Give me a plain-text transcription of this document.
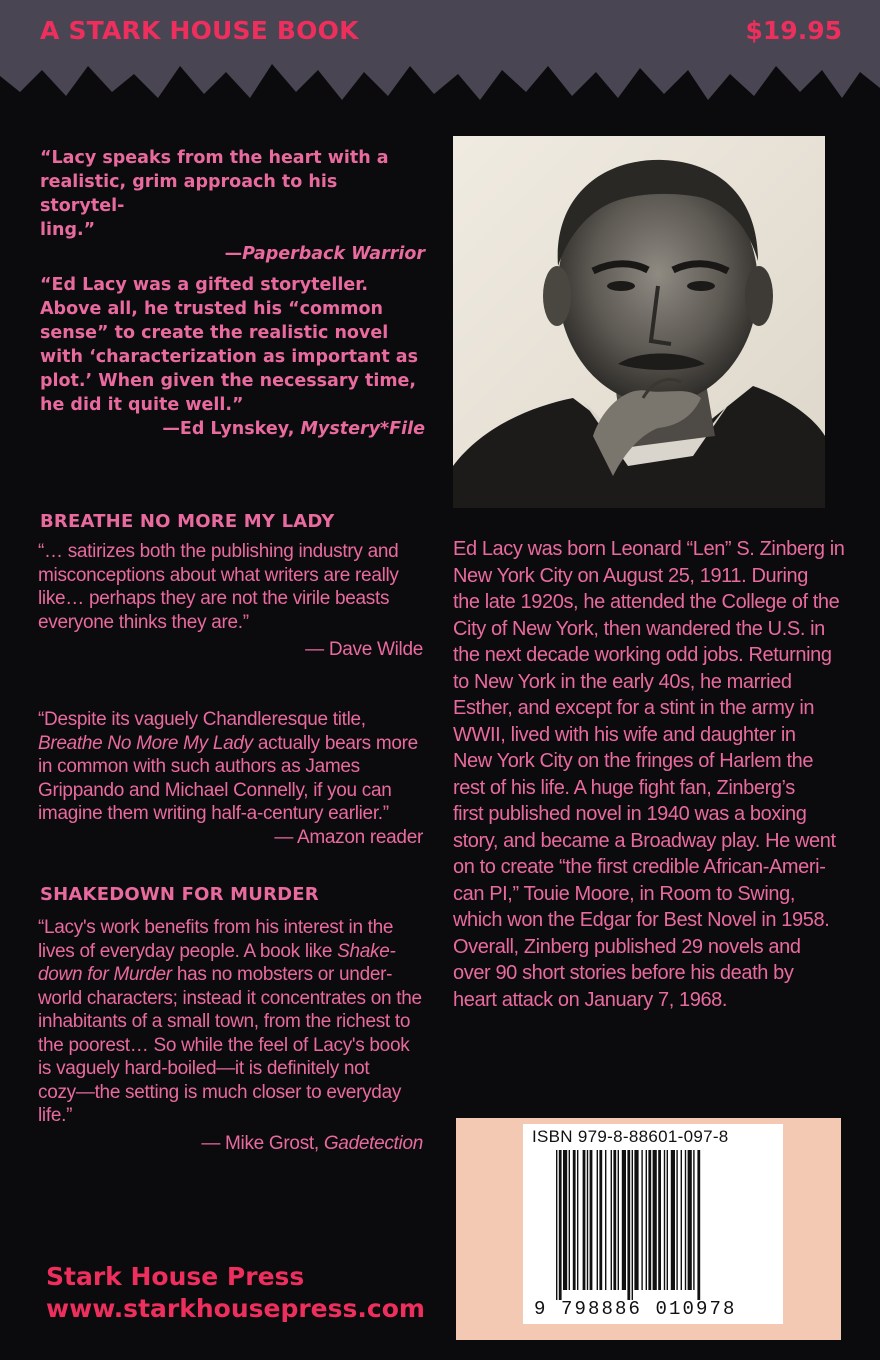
A STARK HOUSE BOOK	$19.95
“Lacy speaks from the heart with a
realistic, grim approach to his storytel-
ling.”
—Paperback Warrior
“Ed Lacy was a gifted storyteller.
Above all, he trusted his “common
sense” to create the realistic novel
with ‘characterization as important as
plot.’ When given the necessary time,
he did it quite well.”
—Ed Lynskey, Mystery*File
BREATHE NO MORE MY LADY
“… satirizes both the publishing industry and
misconceptions about what writers are really
like… perhaps they are not the virile beasts
everyone thinks they are.”
— Dave Wilde
“Despite its vaguely Chandleresque title,
Breathe No More My Lady actually bears more
in common with such authors as James
Grippando and Michael Connelly, if you can
imagine them writing half-a-century earlier.”
— Amazon reader
SHAKEDOWN FOR MURDER
“Lacy's work benefits from his interest in the
lives of everyday people. A book like Shake-
down for Murder has no mobsters or under-
world characters; instead it concentrates on the
inhabitants of a small town, from the richest to
the poorest… So while the feel of Lacy's book
is vaguely hard-boiled—it is definitely not
cozy—the setting is much closer to everyday
life.”
— Mike Grost, Gadetection
Ed Lacy was born Leonard “Len” S. Zinberg in
New York City on August 25, 1911. During
the late 1920s, he attended the College of the
City of New York, then wandered the U.S. in
the next decade working odd jobs. Returning
to New York in the early 40s, he married
Esther, and except for a stint in the army in
WWII, lived with his wife and daughter in
New York City on the fringes of Harlem the
rest of his life. A huge fight fan, Zinberg’s
first published novel in 1940 was a boxing
story, and became a Broadway play. He went
on to create “the first credible African-Ameri-
can PI,” Touie Moore, in Room to Swing,
which won the Edgar for Best Novel in 1958.
Overall, Zinberg published 29 novels and
over 90 short stories before his death by
heart attack on January 7, 1968.
ISBN 979-8-88601-097-8
9 798886 010978
Stark House Press
www.starkhousepress.com
